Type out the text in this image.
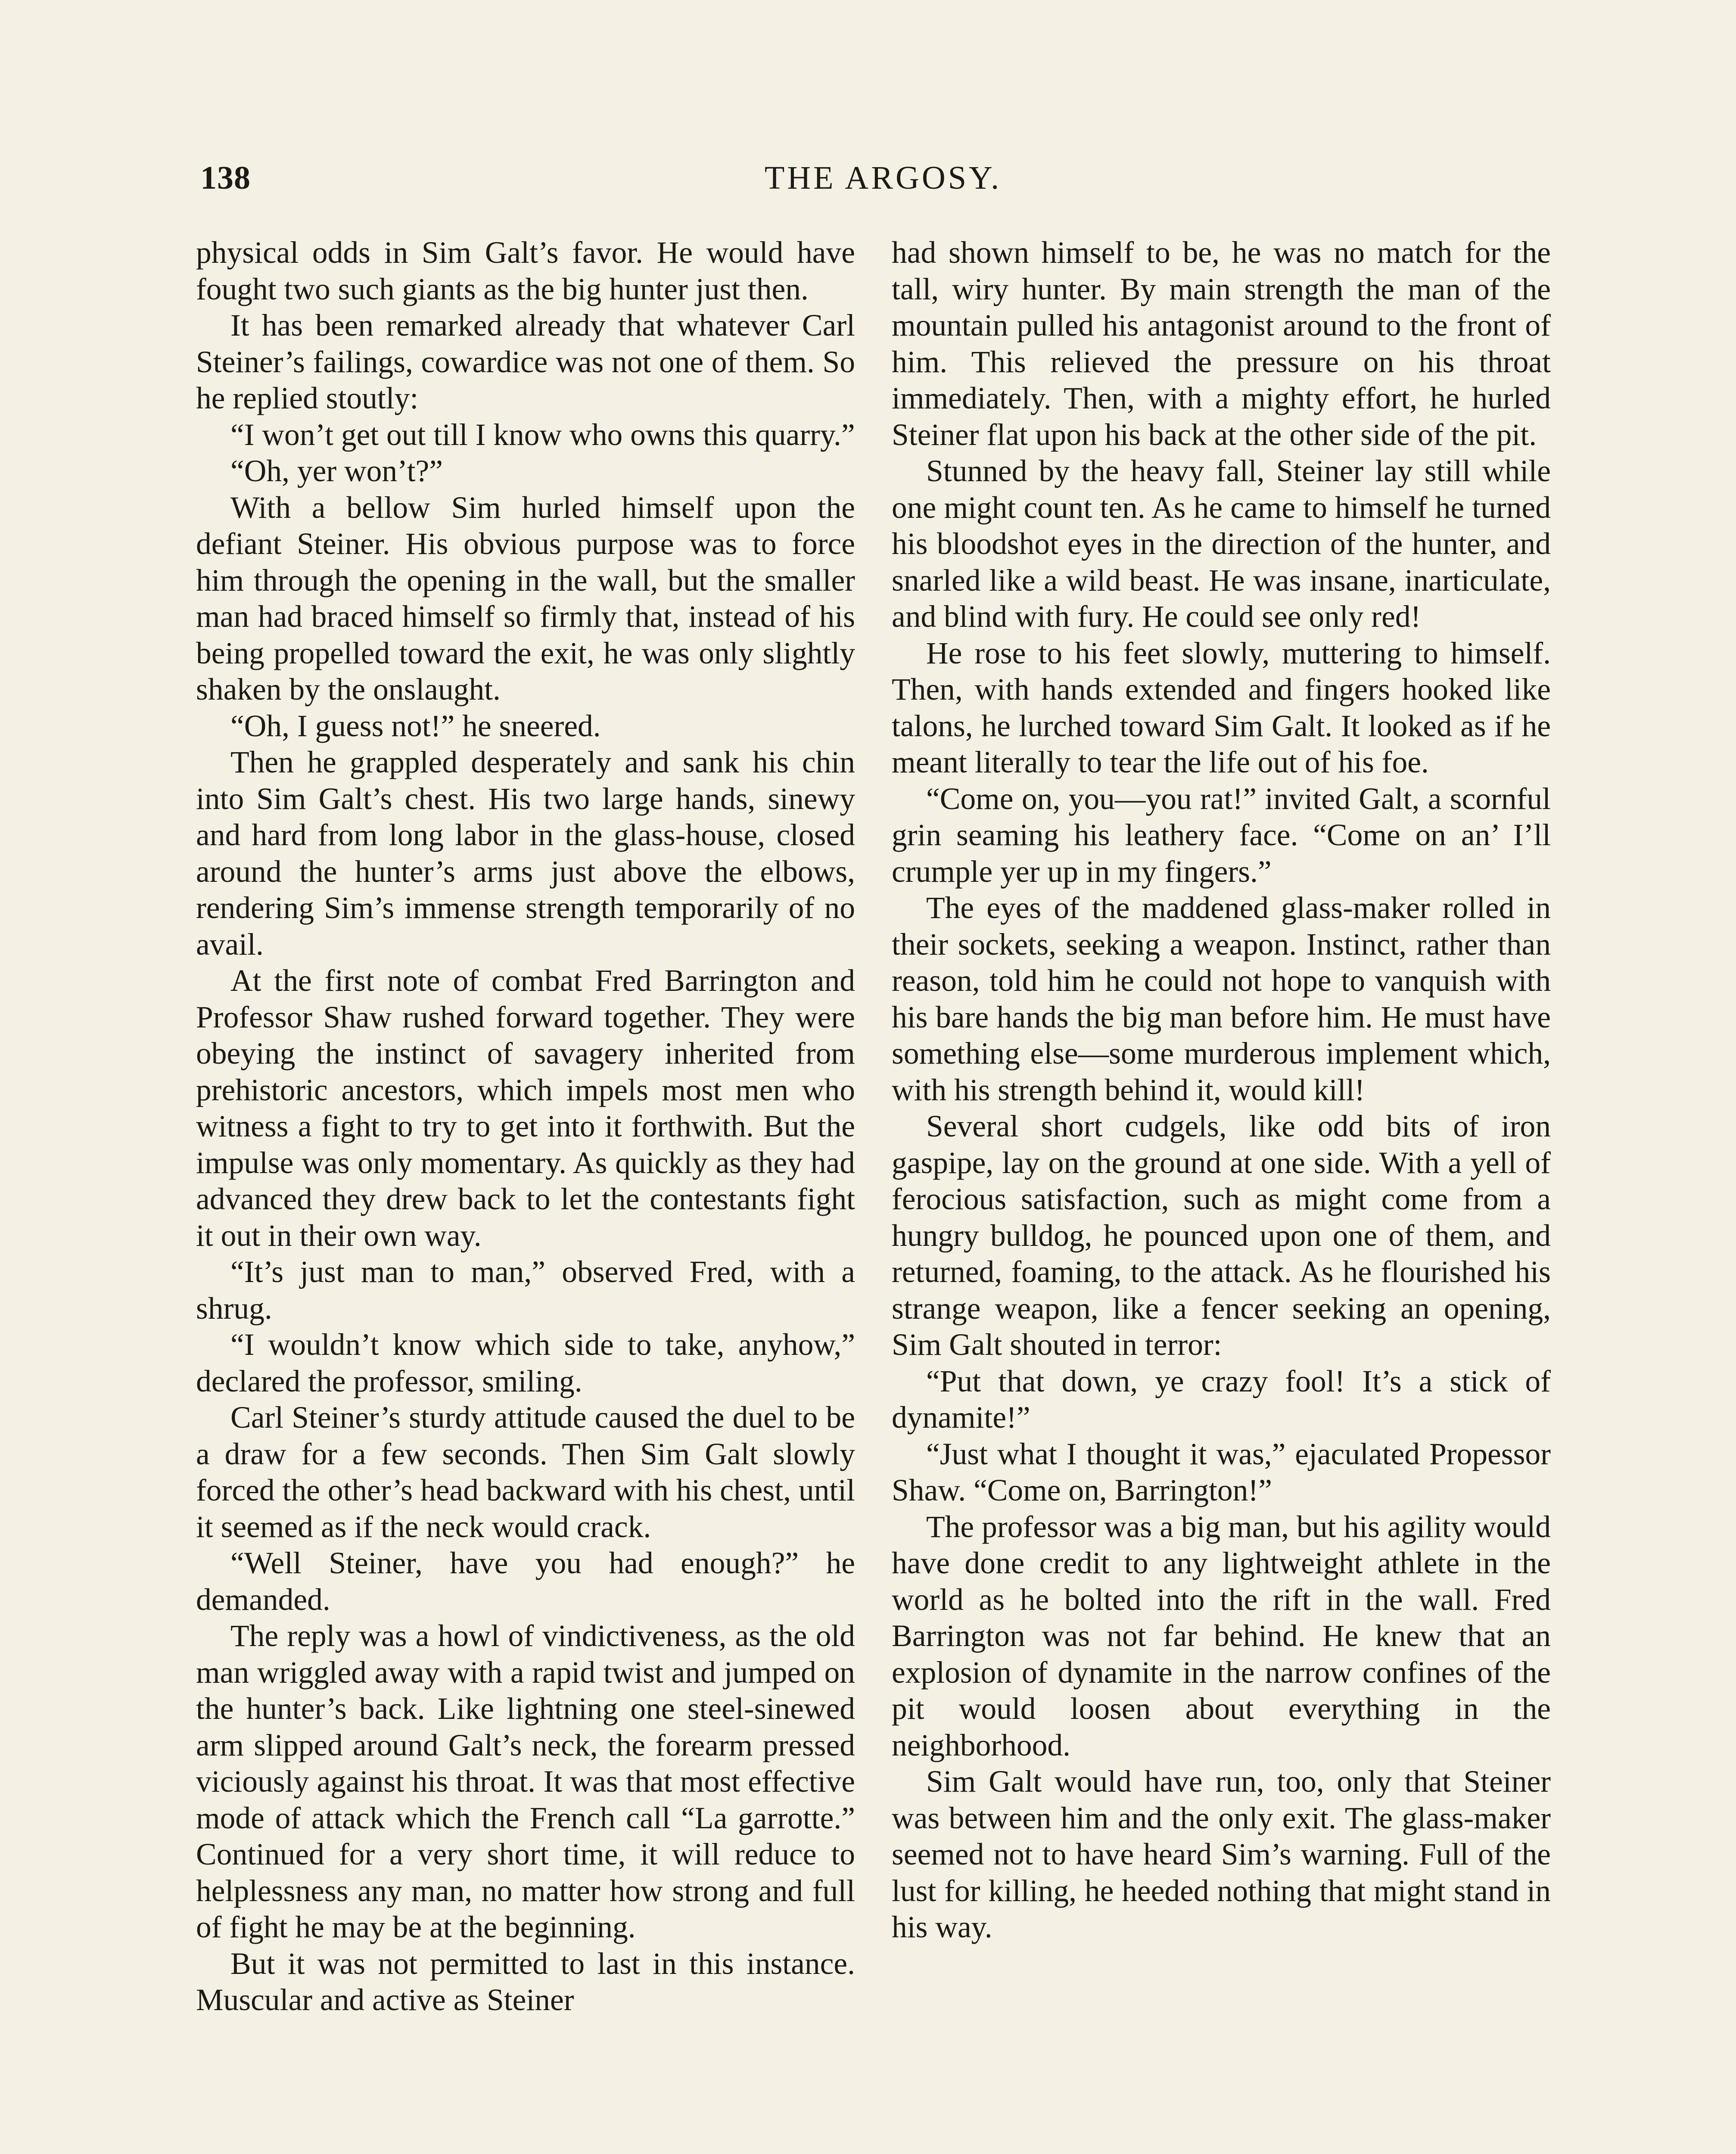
138	THE ARGOSY.

physical odds in Sim Galt’s favor. He would have fought two such giants as the big hunter just then.

It has been remarked already that whatever Carl Steiner’s failings, cowardice was not one of them. So he replied stoutly:

“I won’t get out till I know who owns this quarry.”

“Oh, yer won’t?”

With a bellow Sim hurled himself upon the defiant Steiner. His obvious purpose was to force him through the opening in the wall, but the smaller man had braced himself so firmly that, instead of his being propelled toward the exit, he was only slightly shaken by the onslaught.

“Oh, I guess not!” he sneered.

Then he grappled desperately and sank his chin into Sim Galt’s chest. His two large hands, sinewy and hard from long labor in the glass-house, closed around the hunter’s arms just above the elbows, rendering Sim’s immense strength temporarily of no avail.

At the first note of combat Fred Barrington and Professor Shaw rushed forward together. They were obeying the instinct of savagery inherited from prehistoric ancestors, which impels most men who witness a fight to try to get into it forthwith. But the impulse was only momentary. As quickly as they had advanced they drew back to let the contestants fight it out in their own way.

“It’s just man to man,” observed Fred, with a shrug.

“I wouldn’t know which side to take, anyhow,” declared the professor, smiling.

Carl Steiner’s sturdy attitude caused the duel to be a draw for a few seconds. Then Sim Galt slowly forced the other’s head backward with his chest, until it seemed as if the neck would crack.

“Well Steiner, have you had enough?” he demanded.

The reply was a howl of vindictiveness, as the old man wriggled away with a rapid twist and jumped on the hunter’s back. Like lightning one steel-sinewed arm slipped around Galt’s neck, the forearm pressed viciously against his throat. It was that most effective mode of attack which the French call “La garrotte.” Continued for a very short time, it will reduce to helplessness any man, no matter how strong and full of fight he may be at the beginning.

But it was not permitted to last in this instance. Muscular and active as Steiner

had shown himself to be, he was no match for the tall, wiry hunter. By main strength the man of the mountain pulled his antagonist around to the front of him. This relieved the pressure on his throat immediately. Then, with a mighty effort, he hurled Steiner flat upon his back at the other side of the pit.

Stunned by the heavy fall, Steiner lay still while one might count ten. As he came to himself he turned his bloodshot eyes in the direction of the hunter, and snarled like a wild beast. He was insane, inarticulate, and blind with fury. He could see only red!

He rose to his feet slowly, muttering to himself. Then, with hands extended and fingers hooked like talons, he lurched toward Sim Galt. It looked as if he meant literally to tear the life out of his foe.

“Come on, you—you rat!” invited Galt, a scornful grin seaming his leathery face. “Come on an’ I’ll crumple yer up in my fingers.”

The eyes of the maddened glass-maker rolled in their sockets, seeking a weapon. Instinct, rather than reason, told him he could not hope to vanquish with his bare hands the big man before him. He must have something else—some murderous implement which, with his strength behind it, would kill!

Several short cudgels, like odd bits of iron gaspipe, lay on the ground at one side. With a yell of ferocious satisfaction, such as might come from a hungry bulldog, he pounced upon one of them, and returned, foaming, to the attack. As he flourished his strange weapon, like a fencer seeking an opening, Sim Galt shouted in terror:

“Put that down, ye crazy fool! It’s a stick of dynamite!”

“Just what I thought it was,” ejaculated Propessor Shaw. “Come on, Barrington!”

The professor was a big man, but his agility would have done credit to any lightweight athlete in the world as he bolted into the rift in the wall. Fred Barrington was not far behind. He knew that an explosion of dynamite in the narrow confines of the pit would loosen about everything in the neighborhood.

Sim Galt would have run, too, only that Steiner was between him and the only exit. The glass-maker seemed not to have heard Sim’s warning. Full of the lust for killing, he heeded nothing that might stand in his way.
